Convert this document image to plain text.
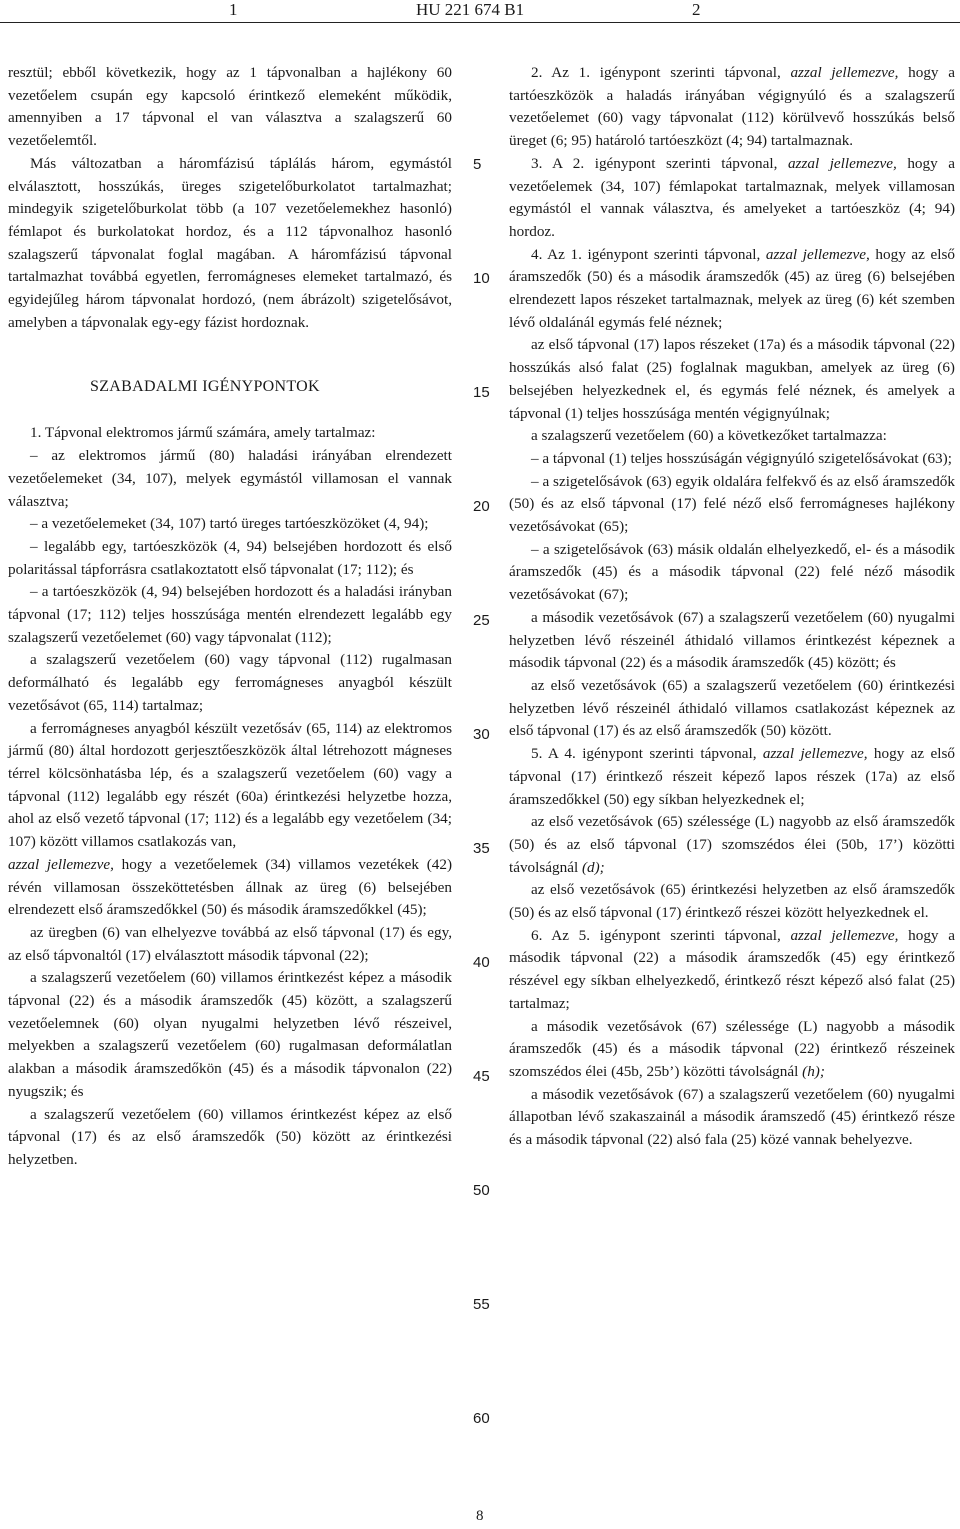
1	HU 221 674 B1	2

resztül; ebből következik, hogy az 1 tápvonalban a hajlékony 60 vezetőelem csupán egy kapcsoló érintkező elemeként működik, amennyiben a 17 tápvonal el van választva a szalagszerű 60 vezetőelemtől.

Más változatban a háromfázisú táplálás három, egymástól elválasztott, hosszúkás, üreges szigetelőburkolatot tartalmazhat; mindegyik szigetelőburkolat több (a 107 vezetőelemekhez hasonló) fémlapot és burkolatokat hordoz, és a 112 tápvonalhoz hasonló szalagszerű tápvonalat foglal magában. A háromfázisú tápvonal tartalmazhat továbbá egyetlen, ferromágneses elemeket tartalmazó, és egyidejűleg három tápvonalat hordozó, (nem ábrázolt) szigetelősávot, amelyben a tápvonalak egy-egy fázist hordoznak.

SZABADALMI IGÉNYPONTOK

1. Tápvonal elektromos jármű számára, amely tartalmaz:

– az elektromos jármű (80) haladási irányában elrendezett vezetőelemeket (34, 107), melyek egymástól villamosan el vannak választva;

– a vezetőelemeket (34, 107) tartó üreges tartóeszközöket (4, 94);

– legalább egy, tartóeszközök (4, 94) belsejében hordozott és első polaritással tápforrásra csatlakoztatott első tápvonalat (17; 112); és

– a tartóeszközök (4, 94) belsejében hordozott és a haladási irányban tápvonal (17; 112) teljes hosszúsága mentén elrendezett legalább egy szalagszerű vezetőelemet (60) vagy tápvonalat (112);

a szalagszerű vezetőelem (60) vagy tápvonal (112) rugalmasan deformálható és legalább egy ferromágneses anyagból készült vezetősávot (65, 114) tartalmaz;

a ferromágneses anyagból készült vezetősáv (65, 114) az elektromos jármű (80) által hordozott gerjesztőeszközök által létrehozott mágneses térrel kölcsönhatásba lép, és a szalagszerű vezetőelem (60) vagy a tápvonal (112) legalább egy részét (60a) érintkezési helyzetbe hozza, ahol az első vezető tápvonal (17; 112) és a legalább egy vezetőelem (34; 107) között villamos csatlakozás van,

azzal jellemezve, hogy a vezetőelemek (34) villamos vezetékek (42) révén villamosan összeköttetésben állnak az üreg (6) belsejében elrendezett első áramszedőkkel (50) és második áramszedőkkel (45);

az üregben (6) van elhelyezve továbbá az első tápvonal (17) és egy, az első tápvonaltól (17) elválasztott második tápvonal (22);

a szalagszerű vezetőelem (60) villamos érintkezést képez a második tápvonal (22) és a második áramszedők (45) között, a szalagszerű vezetőelemnek (60) olyan nyugalmi helyzetben lévő részeivel, melyekben a szalagszerű vezetőelem (60) rugalmasan deformálatlan alakban a második áramszedőkön (45) és a második tápvonalon (22) nyugszik; és

a szalagszerű vezetőelem (60) villamos érintkezést képez az első tápvonal (17) és az első áramszedők (50) között az érintkezési helyzetben.

5
10
15
20
25
30
35
40
45
50
55
60

2. Az 1. igénypont szerinti tápvonal, azzal jellemezve, hogy a tartóeszközök a haladás irányában végignyúló és a szalagszerű vezetőelemet (60) vagy tápvonalat (112) körülvevő hosszúkás belső üreget (6; 95) határoló tartóeszközt (4; 94) tartalmaznak.

3. A 2. igénypont szerinti tápvonal, azzal jellemezve, hogy a vezetőelemek (34, 107) fémlapokat tartalmaznak, melyek villamosan egymástól el vannak választva, és amelyeket a tartóeszköz (4; 94) hordoz.

4. Az 1. igénypont szerinti tápvonal, azzal jellemezve, hogy az első áramszedők (50) és a második áramszedők (45) az üreg (6) belsejében elrendezett lapos részeket tartalmaznak, melyek az üreg (6) két szemben lévő oldalánál egymás felé néznek;

az első tápvonal (17) lapos részeket (17a) és a második tápvonal (22) hosszúkás alsó falat (25) foglalnak magukban, amelyek az üreg (6) belsejében helyezkednek el, és egymás felé néznek, és amelyek a tápvonal (1) teljes hosszúsága mentén végignyúlnak;

a szalagszerű vezetőelem (60) a következőket tartalmazza:

– a tápvonal (1) teljes hosszúságán végignyúló szigetelősávokat (63);

– a szigetelősávok (63) egyik oldalára felfekvő és az első áramszedők (50) és az első tápvonal (17) felé néző első ferromágneses hajlékony vezetősávokat (65);

– a szigetelősávok (63) másik oldalán elhelyezkedő, el- és a második áramszedők (45) és a második tápvonal (22) felé néző második vezetősávokat (67);

a második vezetősávok (67) a szalagszerű vezetőelem (60) nyugalmi helyzetben lévő részeinél áthidaló villamos érintkezést képeznek a második tápvonal (22) és a második áramszedők (45) között; és

az első vezetősávok (65) a szalagszerű vezetőelem (60) érintkezési helyzetben lévő részeinél áthidaló villamos csatlakozást képeznek az első tápvonal (17) és az első áramszedők (50) között.

5. A 4. igénypont szerinti tápvonal, azzal jellemezve, hogy az első tápvonal (17) érintkező részeit képező lapos részek (17a) az első áramszedőkkel (50) egy síkban helyezkednek el;

az első vezetősávok (65) szélessége (L) nagyobb az első áramszedők (50) és az első tápvonal (17) szomszédos élei (50b, 17’) közötti távolságnál (d);

az első vezetősávok (65) érintkezési helyzetben az első áramszedők (50) és az első tápvonal (17) érintkező részei között helyezkednek el.

6. Az 5. igénypont szerinti tápvonal, azzal jellemezve, hogy a második tápvonal (22) a második áramszedők (45) egy érintkező részével egy síkban elhelyezkedő, érintkező részt képező alsó falat (25) tartalmaz;

a második vezetősávok (67) szélessége (L) nagyobb a második áramszedők (45) és a második tápvonal (22) érintkező részeinek szomszédos élei (45b, 25b’) közötti távolságnál (h);

a második vezetősávok (67) a szalagszerű vezetőelem (60) nyugalmi állapotban lévő szakaszainál a második áramszedő (45) érintkező része és a második tápvonal (22) alsó fala (25) közé vannak behelyezve.

8
